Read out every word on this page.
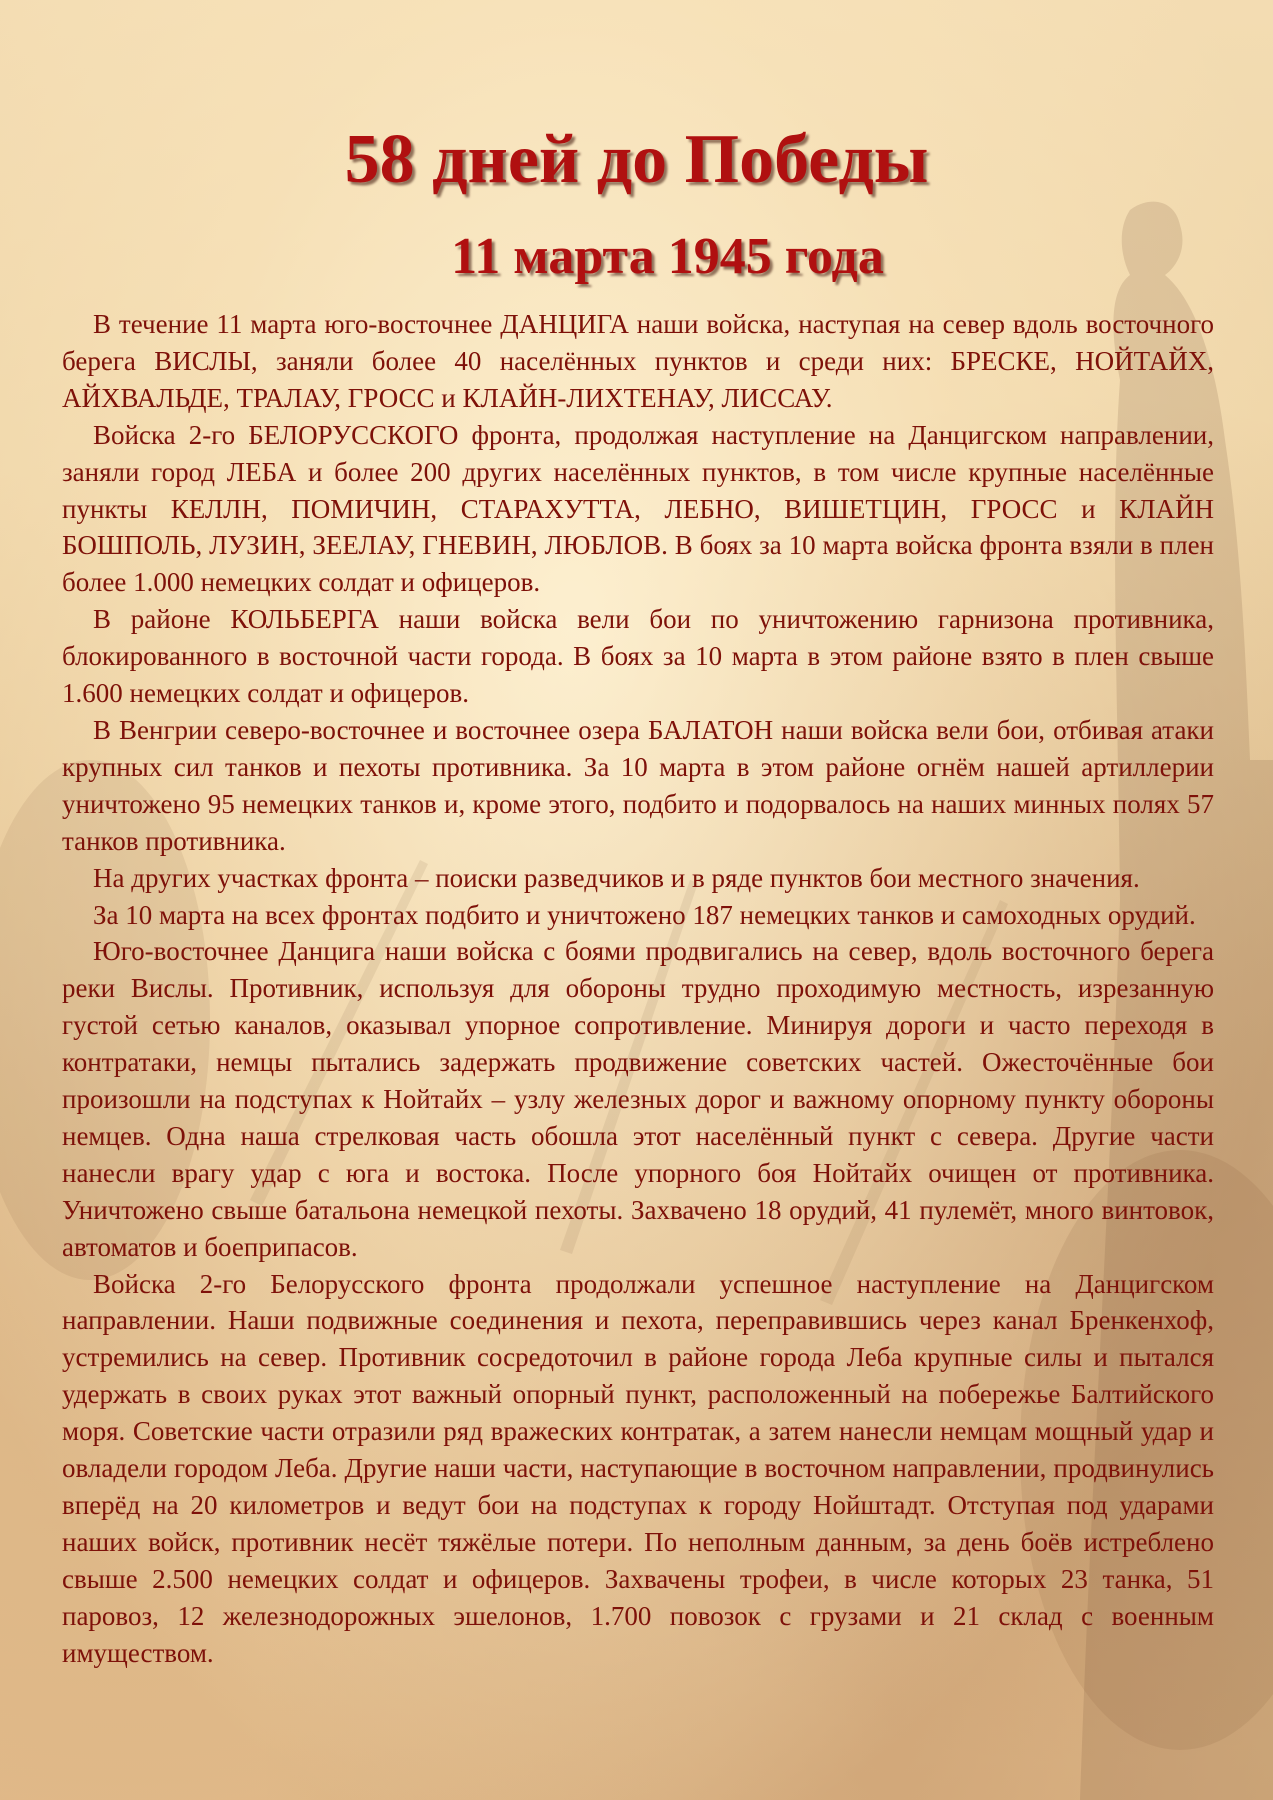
58 дней до Победы
11 марта 1945 года

В течение 11 марта юго-восточнее ДАНЦИГА наши войска, наступая на север вдоль восточного берега ВИСЛЫ, заняли более 40 населённых пунктов и среди них: БРЕСКЕ, НОЙТАЙХ, АЙХВАЛЬДЕ, ТРАЛАУ, ГРОСС и КЛАЙН-ЛИХТЕНАУ, ЛИССАУ.

Войска 2-го БЕЛОРУССКОГО фронта, продолжая наступление на Данцигском направлении, заняли город ЛЕБА и более 200 других населённых пунктов, в том числе крупные населённые пункты КЕЛЛН, ПОМИЧИН, СТАРАХУТТА, ЛЕБНО, ВИШЕТЦИН, ГРОСС и КЛАЙН БОШПОЛЬ, ЛУЗИН, ЗЕЕЛАУ, ГНЕВИН, ЛЮБЛОВ. В боях за 10 марта войска фронта взяли в плен более 1.000 немецких солдат и офицеров.

В районе КОЛЬБЕРГА наши войска вели бои по уничтожению гарнизона противника, блокированного в восточной части города. В боях за 10 марта в этом районе взято в плен свыше 1.600 немецких солдат и офицеров.

В Венгрии северо-восточнее и восточнее озера БАЛАТОН наши войска вели бои, отбивая атаки крупных сил танков и пехоты противника. За 10 марта в этом районе огнём нашей артиллерии уничтожено 95 немецких танков и, кроме этого, подбито и подорвалось на наших минных полях 57 танков противника.

На других участках фронта – поиски разведчиков и в ряде пунктов бои местного значения.

За 10 марта на всех фронтах подбито и уничтожено 187 немецких танков и самоходных орудий.

Юго-восточнее Данцига наши войска с боями продвигались на север, вдоль восточного берега реки Вислы. Противник, используя для обороны трудно проходимую местность, изрезанную густой сетью каналов, оказывал упорное сопротивление. Минируя дороги и часто переходя в контратаки, немцы пытались задержать продвижение советских частей. Ожесточённые бои произошли на подступах к Нойтайх – узлу железных дорог и важному опорному пункту обороны немцев. Одна наша стрелковая часть обошла этот населённый пункт с севера. Другие части нанесли врагу удар с юга и востока. После упорного боя Нойтайх очищен от противника. Уничтожено свыше батальона немецкой пехоты. Захвачено 18 орудий, 41 пулемёт, много винтовок, автоматов и боеприпасов.

Войска 2-го Белорусского фронта продолжали успешное наступление на Данцигском направлении. Наши подвижные соединения и пехота, переправившись через канал Бренкенхоф, устремились на север. Противник сосредоточил в районе города Леба крупные силы и пытался удержать в своих руках этот важный опорный пункт, расположенный на побережье Балтийского моря. Советские части отразили ряд вражеских контратак, а затем нанесли немцам мощный удар и овладели городом Леба. Другие наши части, наступающие в восточном направлении, продвинулись вперёд на 20 километров и ведут бои на подступах к городу Нойштадт. Отступая под ударами наших войск, противник несёт тяжёлые потери. По неполным данным, за день боёв истреблено свыше 2.500 немецких солдат и офицеров. Захвачены трофеи, в числе которых 23 танка, 51 паровоз, 12 железнодорожных эшелонов, 1.700 повозок с грузами и 21 склад с военным имуществом.
